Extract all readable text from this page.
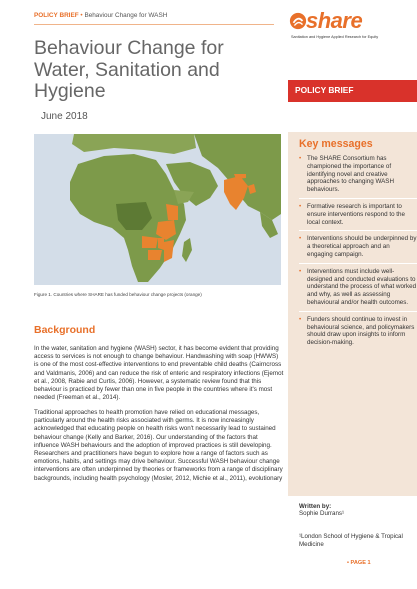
POLICY BRIEF • Behaviour Change for WASH	share
Sanitation and Hygiene Applied Research for Equity
Behaviour Change for Water, Sanitation and Hygiene
June 2018
POLICY BRIEF
Figure 1. Countries where SHARE has funded behaviour change projects (orange)
Background

In the water, sanitation and hygiene (WASH) sector, it has become evident that providing access to services is not enough to change behaviour. Handwashing with soap (HWWS) is one of the most cost-effective interventions to end preventable child deaths (Cairncross and Valdmanis, 2006) and can reduce the risk of enteric and respiratory infections (Ejemot et al., 2008, Rabie and Curtis, 2006). However, a systematic review found that this behaviour is practiced by fewer than one in five people in the countries where it's most needed (Freeman et al., 2014).

Traditional approaches to health promotion have relied on educational messages, particularly around the health risks associated with germs. It is now increasingly acknowledged that educating people on health risks won't necessarily lead to sustained behaviour change (Kelly and Barker, 2016). Our understanding of the factors that influence WASH behaviours and the adoption of improved practices is still developing. Researchers and practitioners have begun to explore how a range of factors such as emotions, habits, and settings may drive behaviour. Successful WASH behaviour change interventions are often underpinned by theories or frameworks from a range of disciplinary backgrounds, including health psychology (Mosler, 2012, Michie et al., 2011), evolutionary

Key messages
• The SHARE Consortium has championed the importance of identifying novel and creative approaches to changing WASH behaviours.
• Formative research is important to ensure interventions respond to the local context.
• Interventions should be underpinned by a theoretical approach and an engaging campaign.
• Interventions must include well-designed and conducted evaluations to understand the process of what worked and why, as well as assessing behavioural and/or health outcomes.
• Funders should continue to invest in behavioural science, and policymakers should draw upon insights to inform decision-making.
Written by:
Sophie Durrans¹
¹London School of Hygiene & Tropical Medicine
• PAGE 1
